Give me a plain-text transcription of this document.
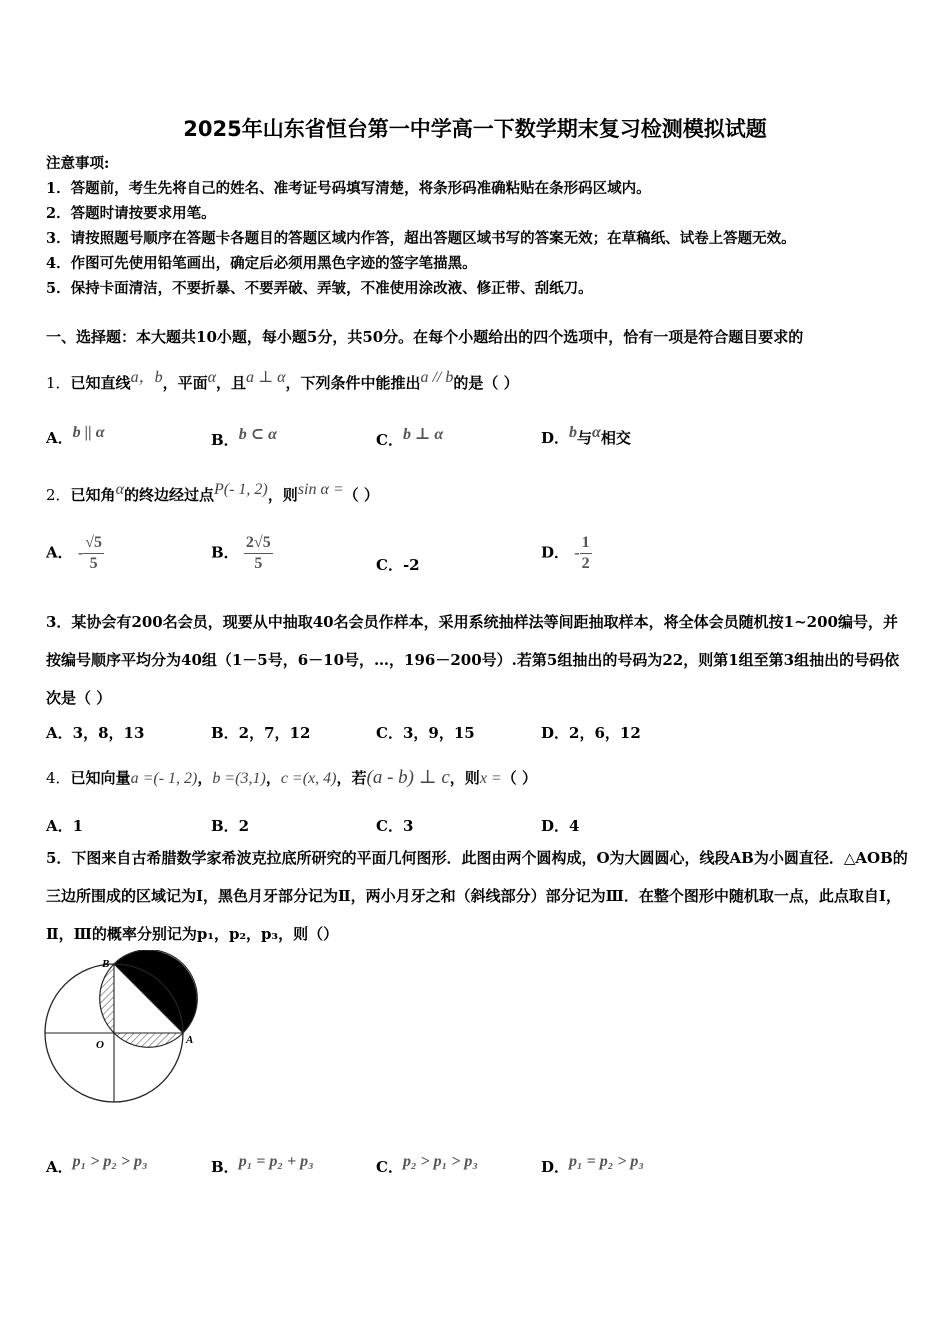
2025年山东省恒台第一中学高一下数学期末复习检测模拟试题
注意事项:
1．答题前，考生先将自己的姓名、准考证号码填写清楚，将条形码准确粘贴在条形码区域内。
2．答题时请按要求用笔。
3．请按照题号顺序在答题卡各题目的答题区域内作答，超出答题区域书写的答案无效；在草稿纸、试卷上答题无效。
4．作图可先使用铅笔画出，确定后必须用黑色字迹的签字笔描黑。
5．保持卡面清洁，不要折暴、不要弄破、弄皱，不准使用涂改液、修正带、刮纸刀。
一、选择题：本大题共10小题，每小题5分，共50分。在每个小题给出的四个选项中，恰有一项是符合题目要求的
1．已知直线$^{a,b}$，平面$^\alpha$，且$^{a \perp \alpha}$，下列条件中能推出$^{a // b}$的是（ ）
A．$^{b || \alpha}$	B．$^{b \subset \alpha}$	C．$^{b \perp \alpha}$	D．$^b$与$^\alpha$相交
2．已知角$^\alpha$的终边经过点$^{P(- 1, 2)}$，则$^{sin \alpha =}$（ ）
A． - $\frac{√5}{5}$	B． $\frac{2√5}{5}$	C．-2
D． - $\frac{1}{2}$
3．某协会有200名会员，现要从中抽取40名会员作样本，采用系统抽样法等间距抽取样本，将全体会员随机按1~200编号，并按编号顺序平均分为40组（1－5号，6－10号，…，196－200号）.若第5组抽出的号码为22，则第1组至第3组抽出的号码依次是（ ）
A．3，8，13	B．2，7，12	C．3，9，15	D．2，6，12
4．已知向量a =(- 1, 2)，b =(3,1)，c =(x, 4)，若(a - b) ⊥ c，则x =（ ）
A．1	B．2	C．3	D．4
5．下图来自古希腊数学家希波克拉底所研究的平面几何图形．此图由两个圆构成，O为大圆圆心，线段AB为小圆直径．△AOB的三边所围成的区域记为I，黑色月牙部分记为Ⅱ，两小月牙之和（斜线部分）部分记为Ⅲ．在整个图形中随机取一点，此点取自Ⅰ，Ⅱ，Ⅲ的概率分别记为p₁，p₂，p₃，则（）
B
O	A
A．$^{p_1 > p_2 > p_3}$	B．$^{p_1 = p_2 + p_3}$	C．$^{p_2 > p_1 > p_3}$	D．$^{p_1 = p_2 > p_3}$
